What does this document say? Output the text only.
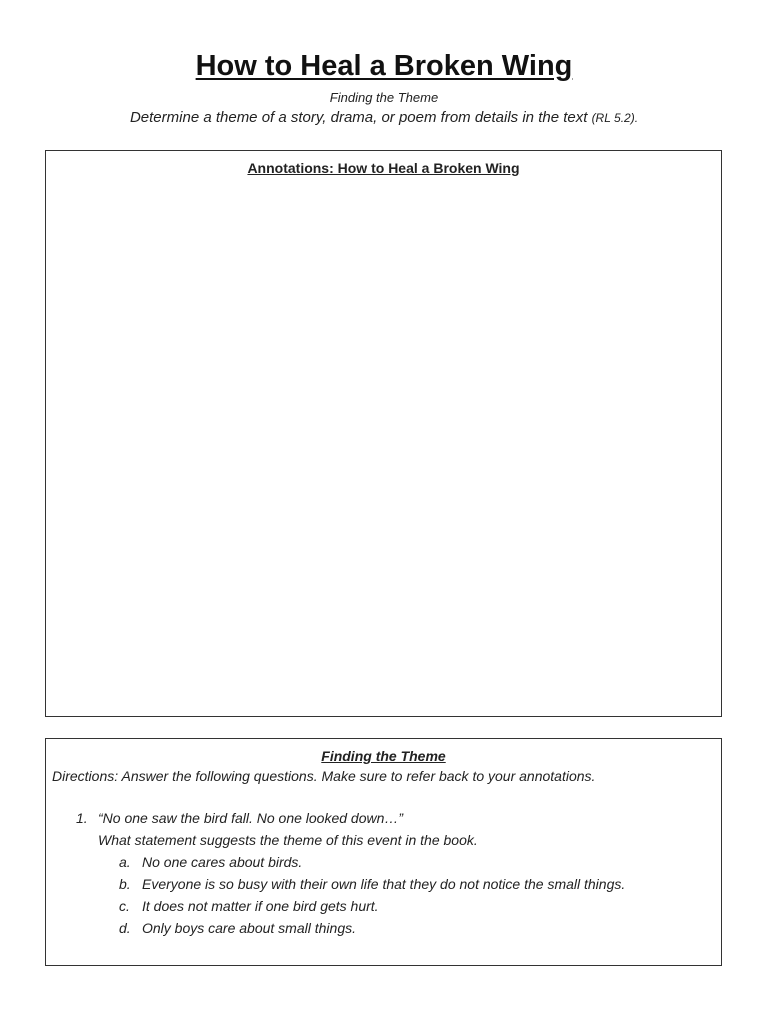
How to Heal a Broken Wing
Finding the Theme
Determine a theme of a story, drama, or poem from details in the text (RL 5.2).
Annotations: How to Heal a Broken Wing
Finding the Theme
Directions: Answer the following questions. Make sure to refer back to your annotations.
1. “No one saw the bird fall. No one looked down…”
What statement suggests the theme of this event in the book.
a. No one cares about birds.
b. Everyone is so busy with their own life that they do not notice the small things.
c. It does not matter if one bird gets hurt.
d. Only boys care about small things.
